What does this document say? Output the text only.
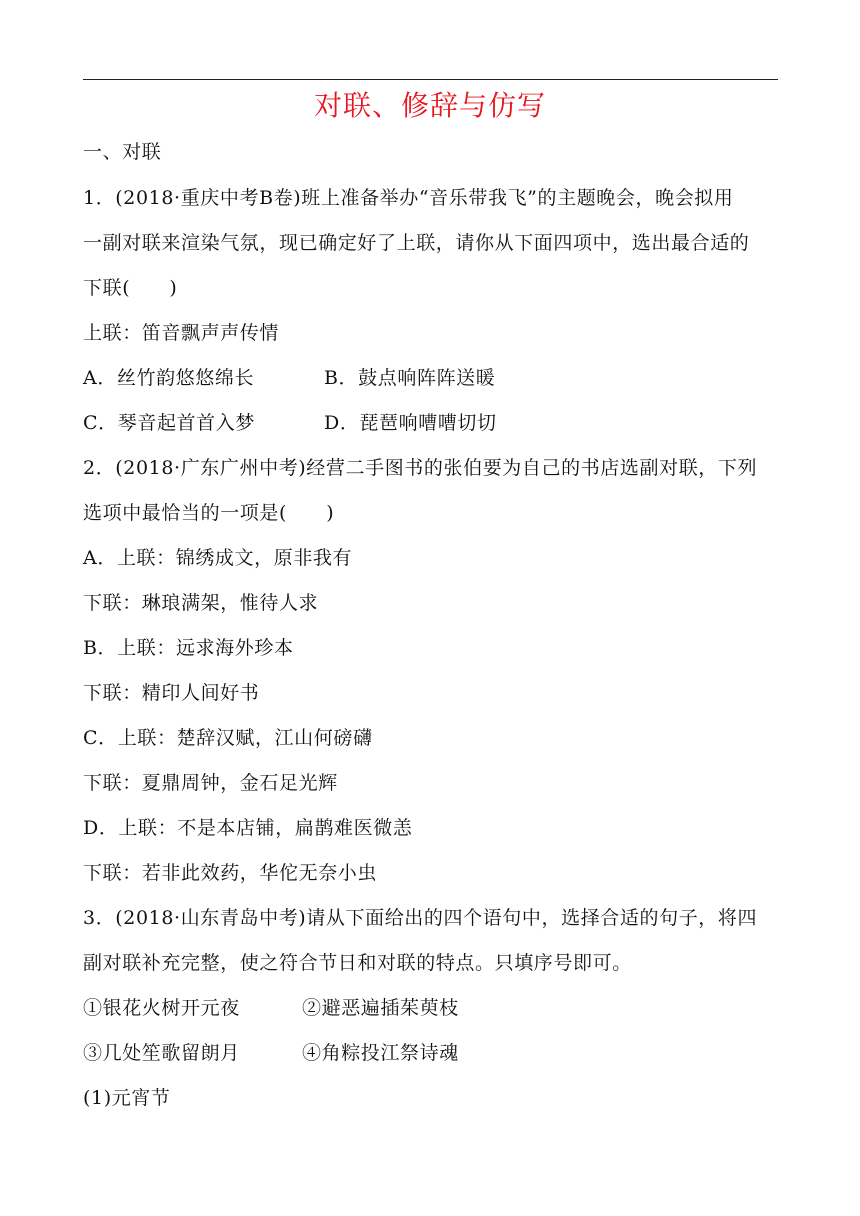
对联、修辞与仿写
一、对联
1．(2018·重庆中考B卷)班上准备举办“音乐带我飞”的主题晚会，晚会拟用
一副对联来渲染气氛，现已确定好了上联，请你从下面四项中，选出最合适的
下联(　　)
上联：笛音飘声声传情
A．丝竹韵悠悠绵长	B．鼓点响阵阵送暖
C．琴音起首首入梦	D．琵琶响嘈嘈切切
2．(2018·广东广州中考)经营二手图书的张伯要为自己的书店选副对联，下列
选项中最恰当的一项是(　　)
A．上联：锦绣成文，原非我有
下联：琳琅满架，惟待人求
B．上联：远求海外珍本
下联：精印人间好书
C．上联：楚辞汉赋，江山何磅礴
下联：夏鼎周钟，金石足光辉
D．上联：不是本店铺，扁鹊难医微恙
下联：若非此效药，华佗无奈小虫
3．(2018·山东青岛中考)请从下面给出的四个语句中，选择合适的句子，将四
副对联补充完整，使之符合节日和对联的特点。只填序号即可。
①银花火树开元夜	②避恶遍插茱萸枝
③几处笙歌留朗月	④角粽投江祭诗魂
(1)元宵节
